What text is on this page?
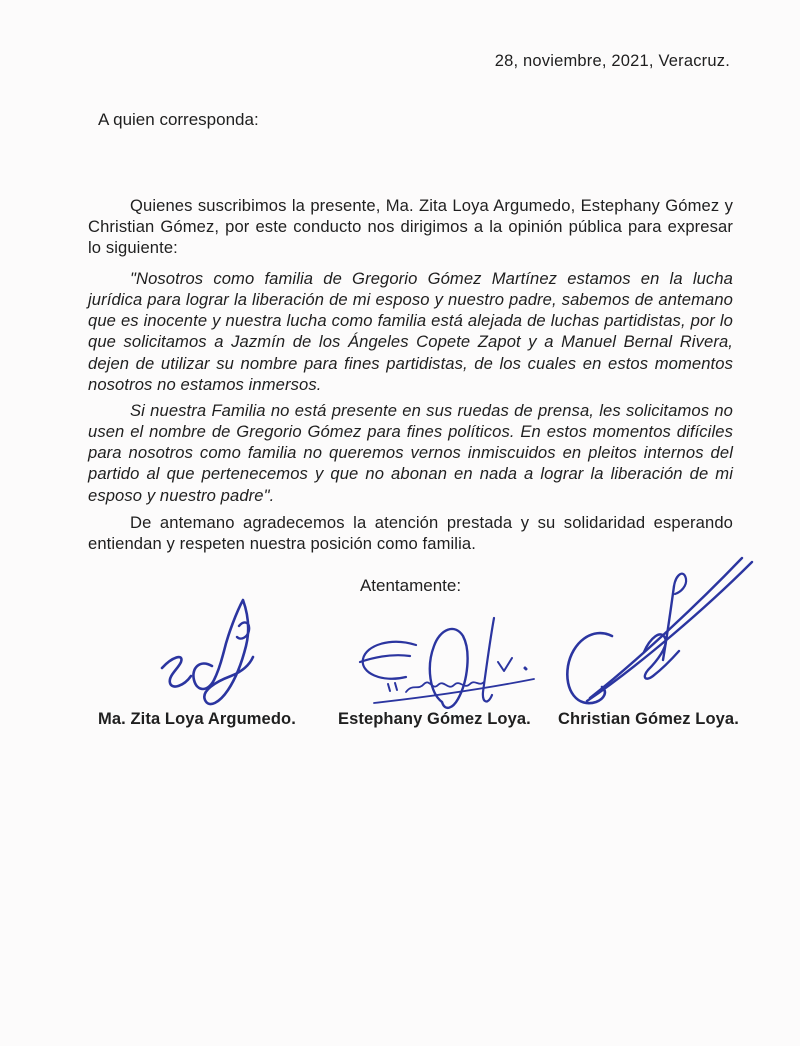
28, noviembre, 2021, Veracruz.
A quien corresponda:

Quienes suscribimos la presente, Ma. Zita Loya Argumedo, Estephany Gómez y Christian Gómez, por este conducto nos dirigimos a la opinión pública para expresar lo siguiente:

"Nosotros como familia de Gregorio Gómez Martínez estamos en la lucha jurídica para lograr la liberación de mi esposo y nuestro padre, sabemos de antemano que es inocente y nuestra lucha como familia está alejada de luchas partidistas, por lo que solicitamos a Jazmín de los Ángeles Copete Zapot y a Manuel Bernal Rivera, dejen de utilizar su nombre para fines partidistas, de los cuales en estos momentos nosotros no estamos inmersos.

Si nuestra Familia no está presente en sus ruedas de prensa, les solicitamos no usen el nombre de Gregorio Gómez para fines políticos. En estos momentos difíciles para nosotros como familia no queremos vernos inmiscuidos en pleitos internos del partido al que pertenecemos y que no abonan en nada a lograr la liberación de mi esposo y nuestro padre".

De antemano agradecemos la atención prestada y su solidaridad esperando entiendan y respeten nuestra posición como familia.

Atentamente:
Ma. Zita Loya Argumedo.	Estephany Gómez Loya. Christian Gómez Loya.
